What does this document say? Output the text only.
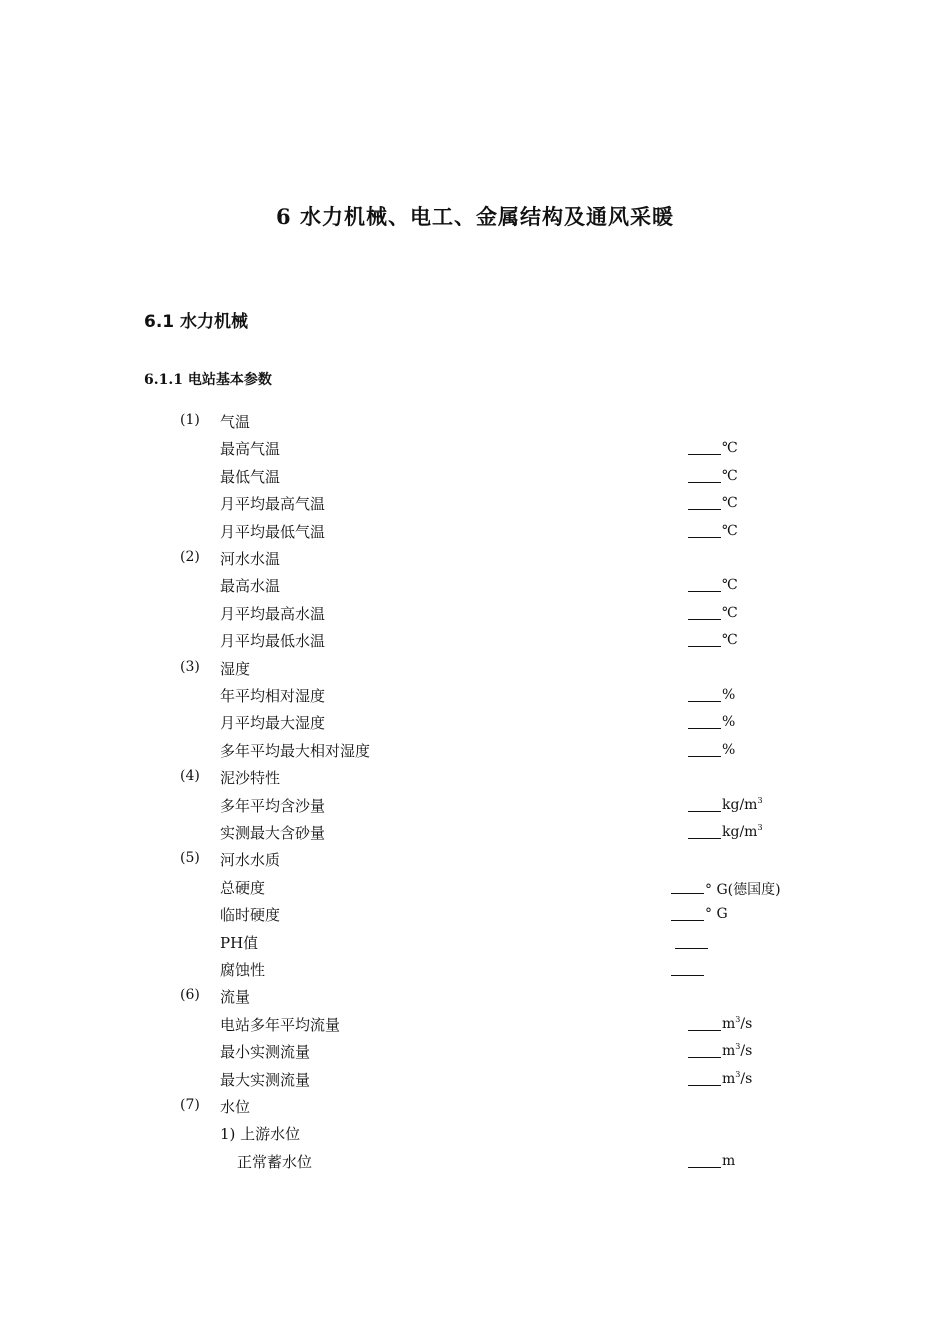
6 水力机械、电工、金属结构及通风采暖
6.1 水力机械
6.1.1 电站基本参数
(1) 气温
最高气温	℃
最低气温	℃
月平均最高气温	℃
月平均最低气温	℃
(2) 河水水温
最高水温	℃
月平均最高水温	℃
月平均最低水温	℃
(3) 湿度
年平均相对湿度	%
月平均最大湿度	%
多年平均最大相对湿度	%
(4) 泥沙特性
多年平均含沙量	$kg/m^3$
实测最大含砂量	$kg/m^3$
(5) 河水水质
总硬度	° G(德国度)
临时硬度	° G
PH值
腐蚀性
(6) 流量
电站多年平均流量	$m^3/s$
最小实测流量	$m^3/s$
最大实测流量	$m^3/s$
(7) 水位
1) 上游水位
正常蓄水位	m
